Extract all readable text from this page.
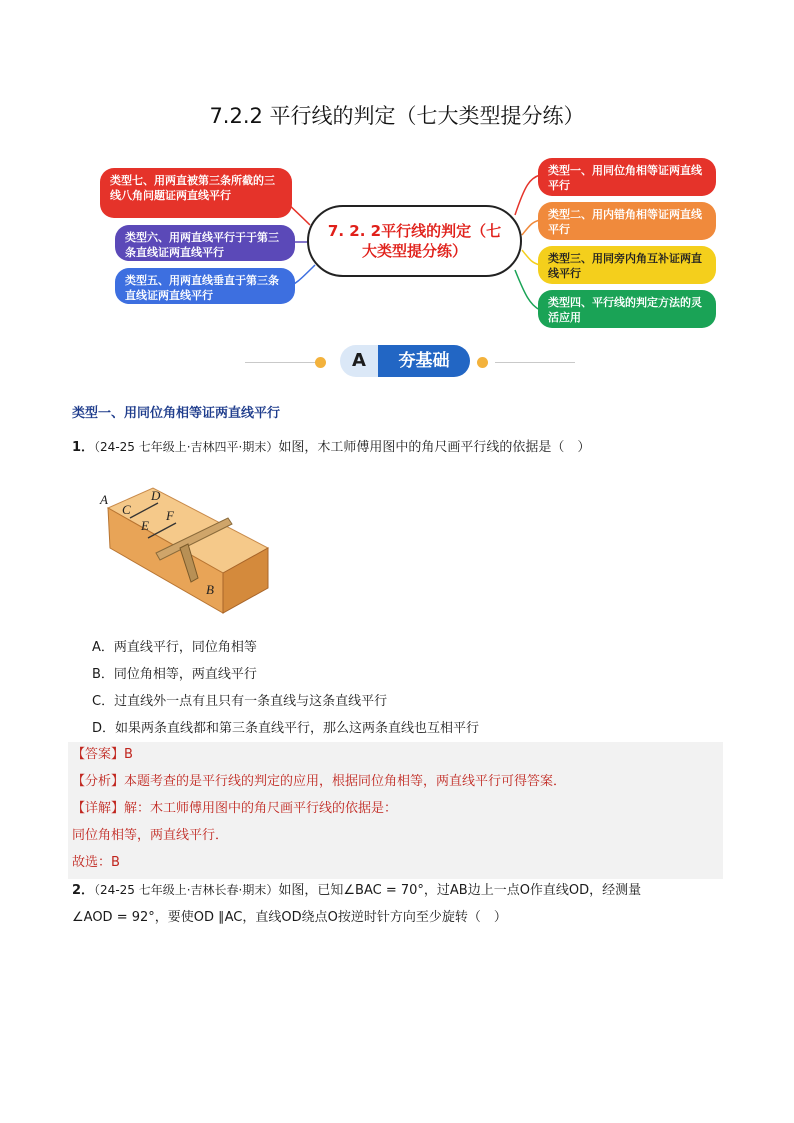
7.2.2 平行线的判定（七大类型提分练）
类型七、用两直被第三条所截的三线八角问题证两直线平行
类型六、用两直线平行于于第三条直线证两直线平行
类型五、用两直线垂直于第三条直线证两直线平行
7. 2. 2平行线的判定（七大类型提分练）
类型一、用同位角相等证两直线平行
类型二、用内错角相等证两直线平行
类型三、用同旁内角互补证两直线平行
类型四、平行线的判定方法的灵活应用
A	夯基础
类型一、用同位角相等证两直线平行
1．（24-25 七年级上·吉林四平·期末）如图，木工师傅用图中的角尺画平行线的依据是（　）
A	D
C	F
E
B
A．两直线平行，同位角相等
B．同位角相等，两直线平行
C．过直线外一点有且只有一条直线与这条直线平行
D．如果两条直线都和第三条直线平行，那么这两条直线也互相平行
【答案】B
【分析】本题考查的是平行线的判定的应用，根据同位角相等，两直线平行可得答案．
【详解】解：木工师傅用图中的角尺画平行线的依据是：
同位角相等，两直线平行．
故选：B
2．（24-25 七年级上·吉林长春·期末）如图，已知∠BAC = 70°，过AB边上一点O作直线OD，经测量
∠AOD = 92°，要使OD ∥AC，直线OD绕点O按逆时针方向至少旋转（　）
